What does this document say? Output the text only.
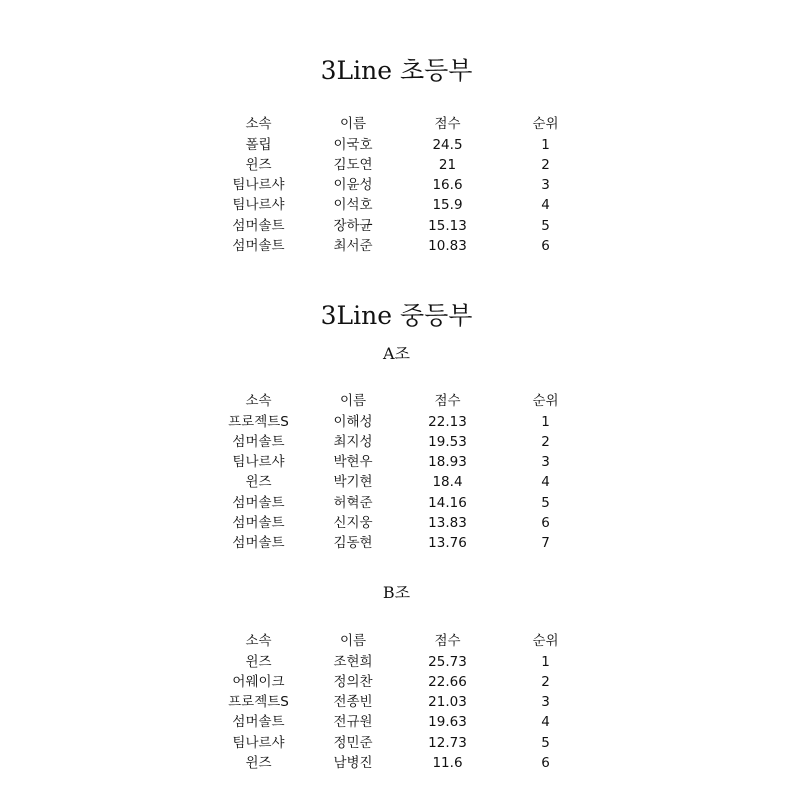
3Line 초등부
소속	이름	점수	순위
폴립	이국호	24.5	1
윈즈	김도연	21	2
팀나르샤	이윤성	16.6	3
팀나르샤	이석호	15.9	4
섬머솔트	장하균	15.13	5
섬머솔트	최서준	10.83	6
3Line 중등부
A조
소속	이름	점수	순위
프로젝트S	이해성	22.13	1
섬머솔트	최지성	19.53	2
팀나르샤	박현우	18.93	3
윈즈	박기현	18.4	4
섬머솔트	허혁준	14.16	5
섬머솔트	신지웅	13.83	6
섬머솔트	김동현	13.76	7
B조
소속	이름	점수	순위
윈즈	조현희	25.73	1
어웨이크	정의찬	22.66	2
프로젝트S	전종빈	21.03	3
섬머솔트	전규원	19.63	4
팀나르샤	정민준	12.73	5
윈즈	남병진	11.6	6
